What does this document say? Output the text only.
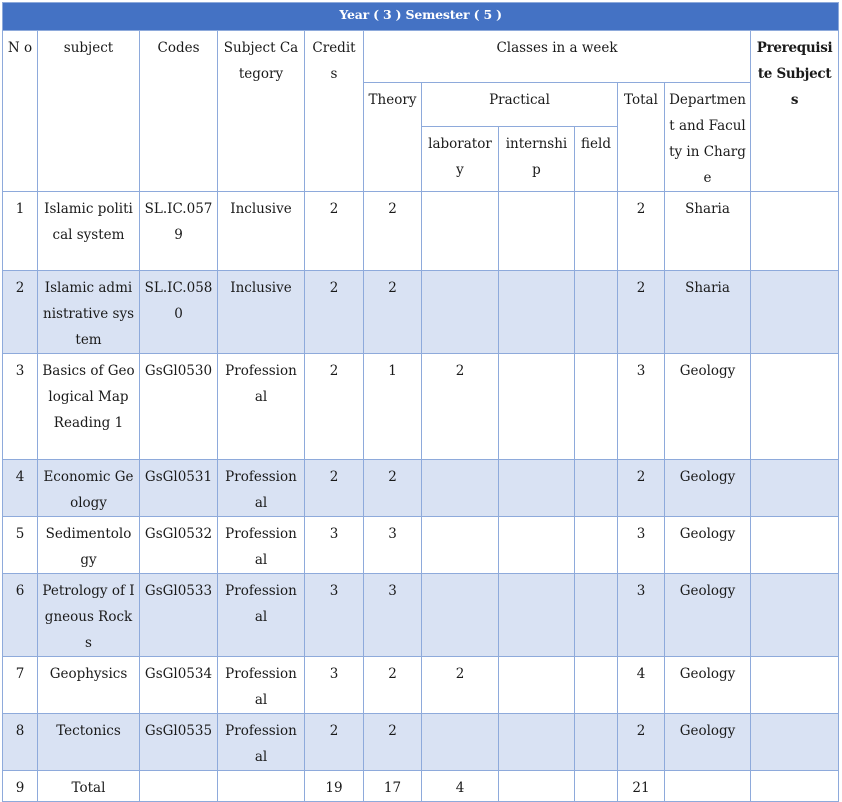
Year ( 3 ) Semester ( 5 )											
N o	subject	Codes	Subject Category	Credits	Classes in a week						Prerequisite Subjects
					Theory	Practical			Total	Department and Faculty in Charge	
						laboratory	internship	field			
1	Islamic political system	SL.IC.0579	Inclusive	2	2				2	Sharia	
2	Islamic administrative system	SL.IC.0580	Inclusive	2	2				2	Sharia	
3	Basics of Geological Map Reading 1	GsGl0530	Professional	2	1	2			3	Geology	
4	Economic Geology	GsGl0531	Professional	2	2				2	Geology	
5	Sedimentology	GsGl0532	Professional	3	3				3	Geology	
6	Petrology of Igneous Rocks	GsGl0533	Professional	3	3				3	Geology	
7	Geophysics	GsGl0534	Professional	3	2	2			4	Geology	
8	Tectonics	GsGl0535	Professional	2	2				2	Geology	
9	Total			19	17	4			21		
